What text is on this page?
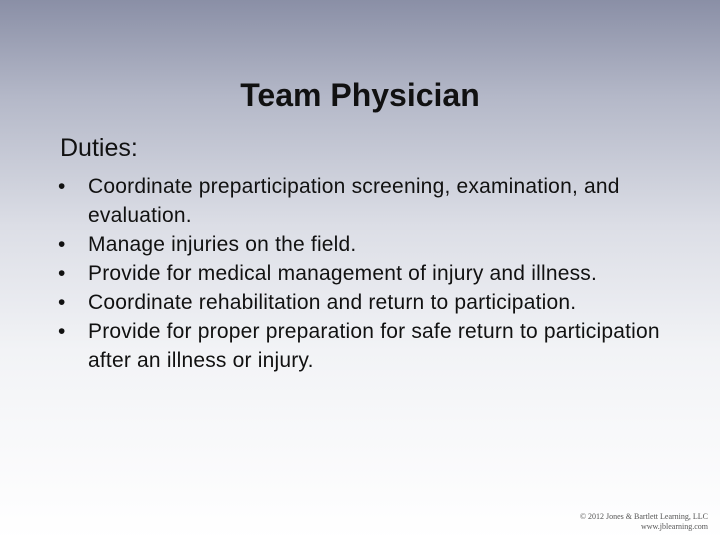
Team Physician
Duties:
• Coordinate preparticipation screening, examination, and evaluation.
• Manage injuries on the field.
• Provide for medical management of injury and illness.
• Coordinate rehabilitation and return to participation.
• Provide for proper preparation for safe return to participation after an illness or injury.
© 2012 Jones & Bartlett Learning, LLC
www.jblearning.com
